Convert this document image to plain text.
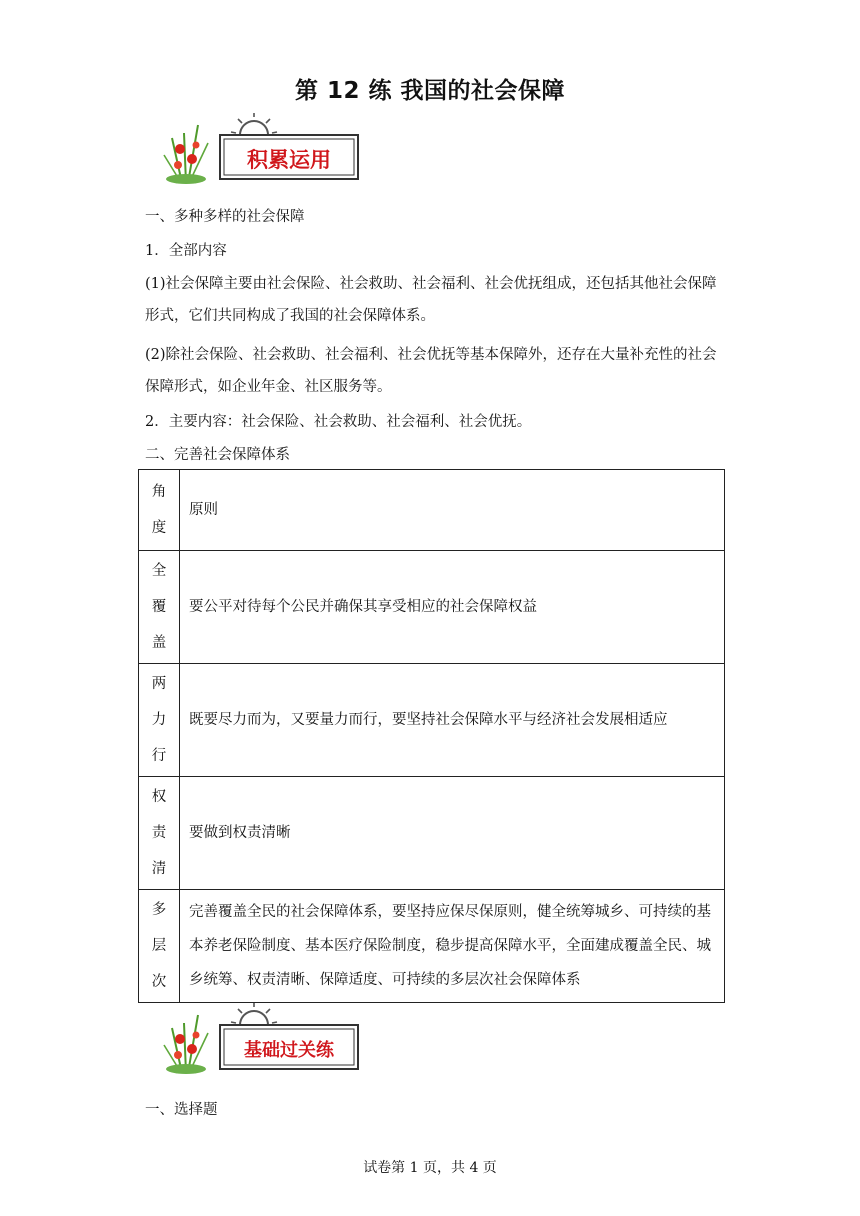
第 12 练 我国的社会保障
积累运用

一、多种多样的社会保障

1．全部内容

(1)社会保障主要由社会保险、社会救助、社会福利、社会优抚组成，还包括其他社会保障形式，它们共同构成了我国的社会保障体系。

(2)除社会保险、社会救助、社会福利、社会优抚等基本保障外，还存在大量补充性的社会保障形式，如企业年金、社区服务等。

2．主要内容：社会保险、社会救助、社会福利、社会优抚。

二、完善社会保障体系

角
度	原则
全
覆
盖	要公平对待每个公民并确保其享受相应的社会保障权益
两
力
行	既要尽力而为，又要量力而行，要坚持社会保障水平与经济社会发展相适应
权
责
清	要做到权责清晰
多
层
次	完善覆盖全民的社会保障体系，要坚持应保尽保原则，健全统筹城乡、可持续的基本养老保险制度、基本医疗保险制度，稳步提高保障水平，全面建成覆盖全民、城乡统筹、权责清晰、保障适度、可持续的多层次社会保障体系
基础过关练

一、选择题

试卷第 1 页，共 4 页
